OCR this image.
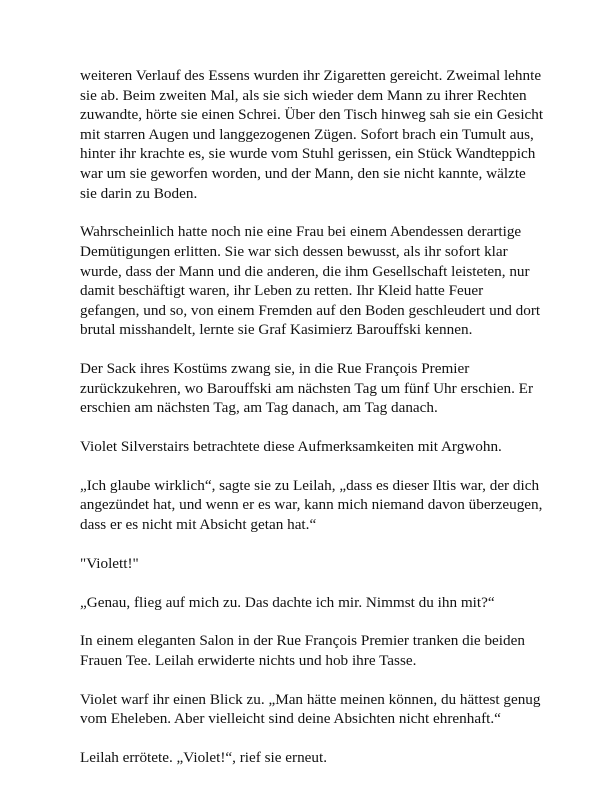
weiteren Verlauf des Essens wurden ihr Zigaretten gereicht. Zweimal lehnte
sie ab. Beim zweiten Mal, als sie sich wieder dem Mann zu ihrer Rechten
zuwandte, hörte sie einen Schrei. Über den Tisch hinweg sah sie ein Gesicht
mit starren Augen und langgezogenen Zügen. Sofort brach ein Tumult aus,
hinter ihr krachte es, sie wurde vom Stuhl gerissen, ein Stück Wandteppich
war um sie geworfen worden, und der Mann, den sie nicht kannte, wälzte
sie darin zu Boden.

Wahrscheinlich hatte noch nie eine Frau bei einem Abendessen derartige
Demütigungen erlitten. Sie war sich dessen bewusst, als ihr sofort klar
wurde, dass der Mann und die anderen, die ihm Gesellschaft leisteten, nur
damit beschäftigt waren, ihr Leben zu retten. Ihr Kleid hatte Feuer
gefangen, und so, von einem Fremden auf den Boden geschleudert und dort
brutal misshandelt, lernte sie Graf Kasimierz Barouffski kennen.

Der Sack ihres Kostüms zwang sie, in die Rue François Premier
zurückzukehren, wo Barouffski am nächsten Tag um fünf Uhr erschien. Er
erschien am nächsten Tag, am Tag danach, am Tag danach.

Violet Silverstairs betrachtete diese Aufmerksamkeiten mit Argwohn.

„Ich glaube wirklich“, sagte sie zu Leilah, „dass es dieser Iltis war, der dich
angezündet hat, und wenn er es war, kann mich niemand davon überzeugen,
dass er es nicht mit Absicht getan hat.“

"Violett!"

„Genau, flieg auf mich zu. Das dachte ich mir. Nimmst du ihn mit?“

In einem eleganten Salon in der Rue François Premier tranken die beiden
Frauen Tee. Leilah erwiderte nichts und hob ihre Tasse.

Violet warf ihr einen Blick zu. „Man hätte meinen können, du hättest genug
vom Eheleben. Aber vielleicht sind deine Absichten nicht ehrenhaft.“

Leilah errötete. „Violet!“, rief sie erneut.
